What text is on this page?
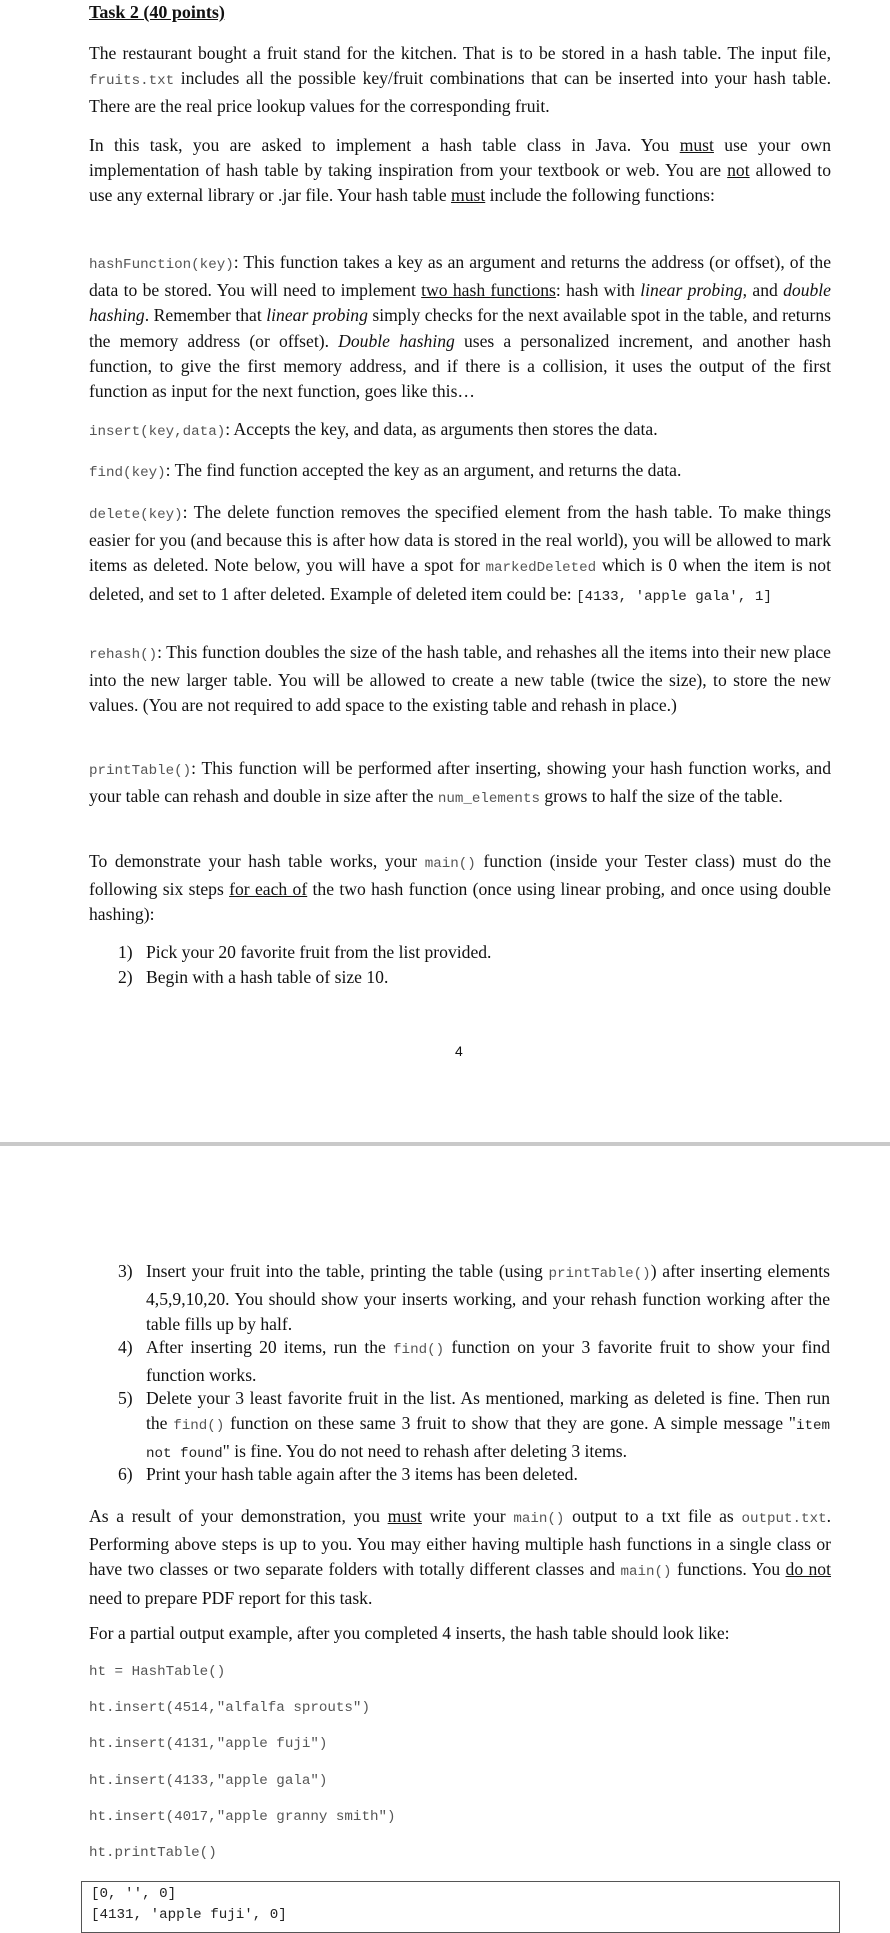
Task 2 (40 points)

The restaurant bought a fruit stand for the kitchen. That is to be stored in a hash table. The input file, fruits.txt includes all the possible key/fruit combinations that can be inserted into your hash table. There are the real price lookup values for the corresponding fruit.

In this task, you are asked to implement a hash table class in Java. You must use your own implementation of hash table by taking inspiration from your textbook or web. You are not allowed to use any external library or .jar file. Your hash table must include the following functions:

hashFunction(key): This function takes a key as an argument and returns the address (or offset), of the data to be stored. You will need to implement two hash functions: hash with linear probing, and double hashing. Remember that linear probing simply checks for the next available spot in the table, and returns the memory address (or offset). Double hashing uses a personalized increment, and another hash function, to give the first memory address, and if there is a collision, it uses the output of the first function as input for the next function, goes like this…

insert(key,data): Accepts the key, and data, as arguments then stores the data.

find(key): The find function accepted the key as an argument, and returns the data.

delete(key): The delete function removes the specified element from the hash table. To make things easier for you (and because this is after how data is stored in the real world), you will be allowed to mark items as deleted. Note below, you will have a spot for markedDeleted which is 0 when the item is not deleted, and set to 1 after deleted. Example of deleted item could be: [4133, 'apple gala', 1]

rehash(): This function doubles the size of the hash table, and rehashes all the items into their new place into the new larger table. You will be allowed to create a new table (twice the size), to store the new values. (You are not required to add space to the existing table and rehash in place.)

printTable(): This function will be performed after inserting, showing your hash function works, and your table can rehash and double in size after the num_elements grows to half the size of the table.

To demonstrate your hash table works, your main() function (inside your Tester class) must do the following six steps for each of the two hash function (once using linear probing, and once using double hashing):

1) Pick your 20 favorite fruit from the list provided.
2) Begin with a hash table of size 10.
4
3) Insert your fruit into the table, printing the table (using printTable()) after inserting elements 4,5,9,10,20. You should show your inserts working, and your rehash function working after the table fills up by half.
4) After inserting 20 items, run the find() function on your 3 favorite fruit to show your find function works.
5) Delete your 3 least favorite fruit in the list. As mentioned, marking as deleted is fine. Then run the find() function on these same 3 fruit to show that they are gone. A simple message "item not found" is fine. You do not need to rehash after deleting 3 items.
6) Print your hash table again after the 3 items has been deleted.

As a result of your demonstration, you must write your main() output to a txt file as output.txt. Performing above steps is up to you. You may either having multiple hash functions in a single class or have two classes or two separate folders with totally different classes and main() functions. You do not need to prepare PDF report for this task.

For a partial output example, after you completed 4 inserts, the hash table should look like:

ht = HashTable()
ht.insert(4514,"alfalfa sprouts")
ht.insert(4131,"apple fuji")
ht.insert(4133,"apple gala")
ht.insert(4017,"apple granny smith")
ht.printTable()
[0, '', 0]
[4131, 'apple fuji', 0]
